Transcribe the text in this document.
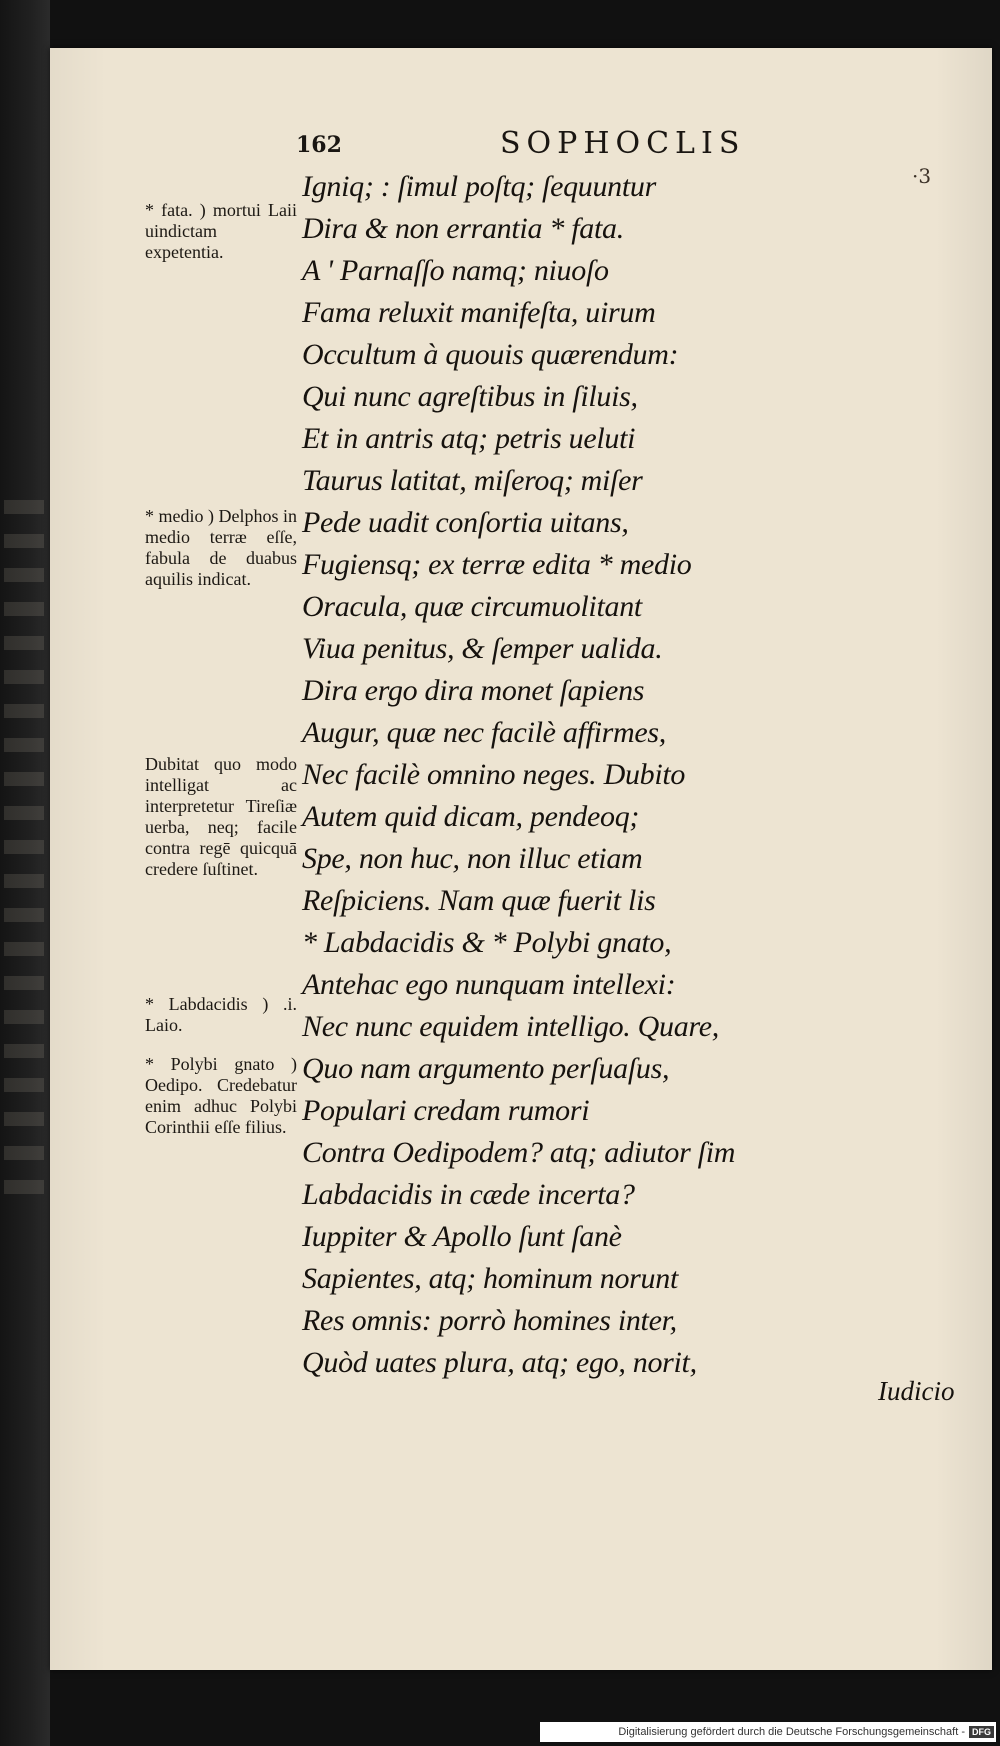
162	SOPHOCLIS
·3
Igniq; : ſimul poſtq; ſequuntur
Dira & non errantia * fata.
A ' Parnaſſo namq; niuoſo
Fama reluxit manifeſta, uirum
Occultum à quouis quærendum:
Qui nunc agreſtibus in ſiluis,
Et in antris atq; petris ueluti
Taurus latitat, miſeroq; miſer
Pede uadit conſortia uitans,
Fugiensq; ex terræ edita * medio
Oracula, quæ circumuolitant
Viua penitus, & ſemper ualida.
Dira ergo dira monet ſapiens
Augur, quæ nec facilè affirmes,
Nec facilè omnino neges. Dubito
Autem quid dicam, pendeoq;
Spe, non huc, non illuc etiam
Reſpiciens. Nam quæ fuerit lis
* Labdacidis & * Polybi gnato,
Antehac ego nunquam intellexi:
Nec nunc equidem intelligo. Quare,
Quo nam argumento perſuaſus,
Populari credam rumori
Contra Oedipodem? atq; adiutor ſim
Labdacidis in cæde incerta?
Iuppiter & Apollo ſunt ſanè
Sapientes, atq; hominum norunt
Res omnis: porrò homines inter,
Quòd uates plura, atq; ego, norit,
* fata. ) mortui Laii uindictam expetentia.
* medio ) Delphos in medio terræ eſſe, fabula de duabus aquilis indicat.
Dubitat quo modo intelligat ac interpretetur Tireſiæ uerba, neq; facile contra regē quicquā credere ſuſtinet.
* Labdacidis ) .i. Laio.
* Polybi gnato ) Oedipo. Credebatur enim adhuc Polybi Corinthii eſſe filius.
Iudicio
Digitalisierung gefördert durch die Deutsche Forschungsgemeinschaft - DFG
